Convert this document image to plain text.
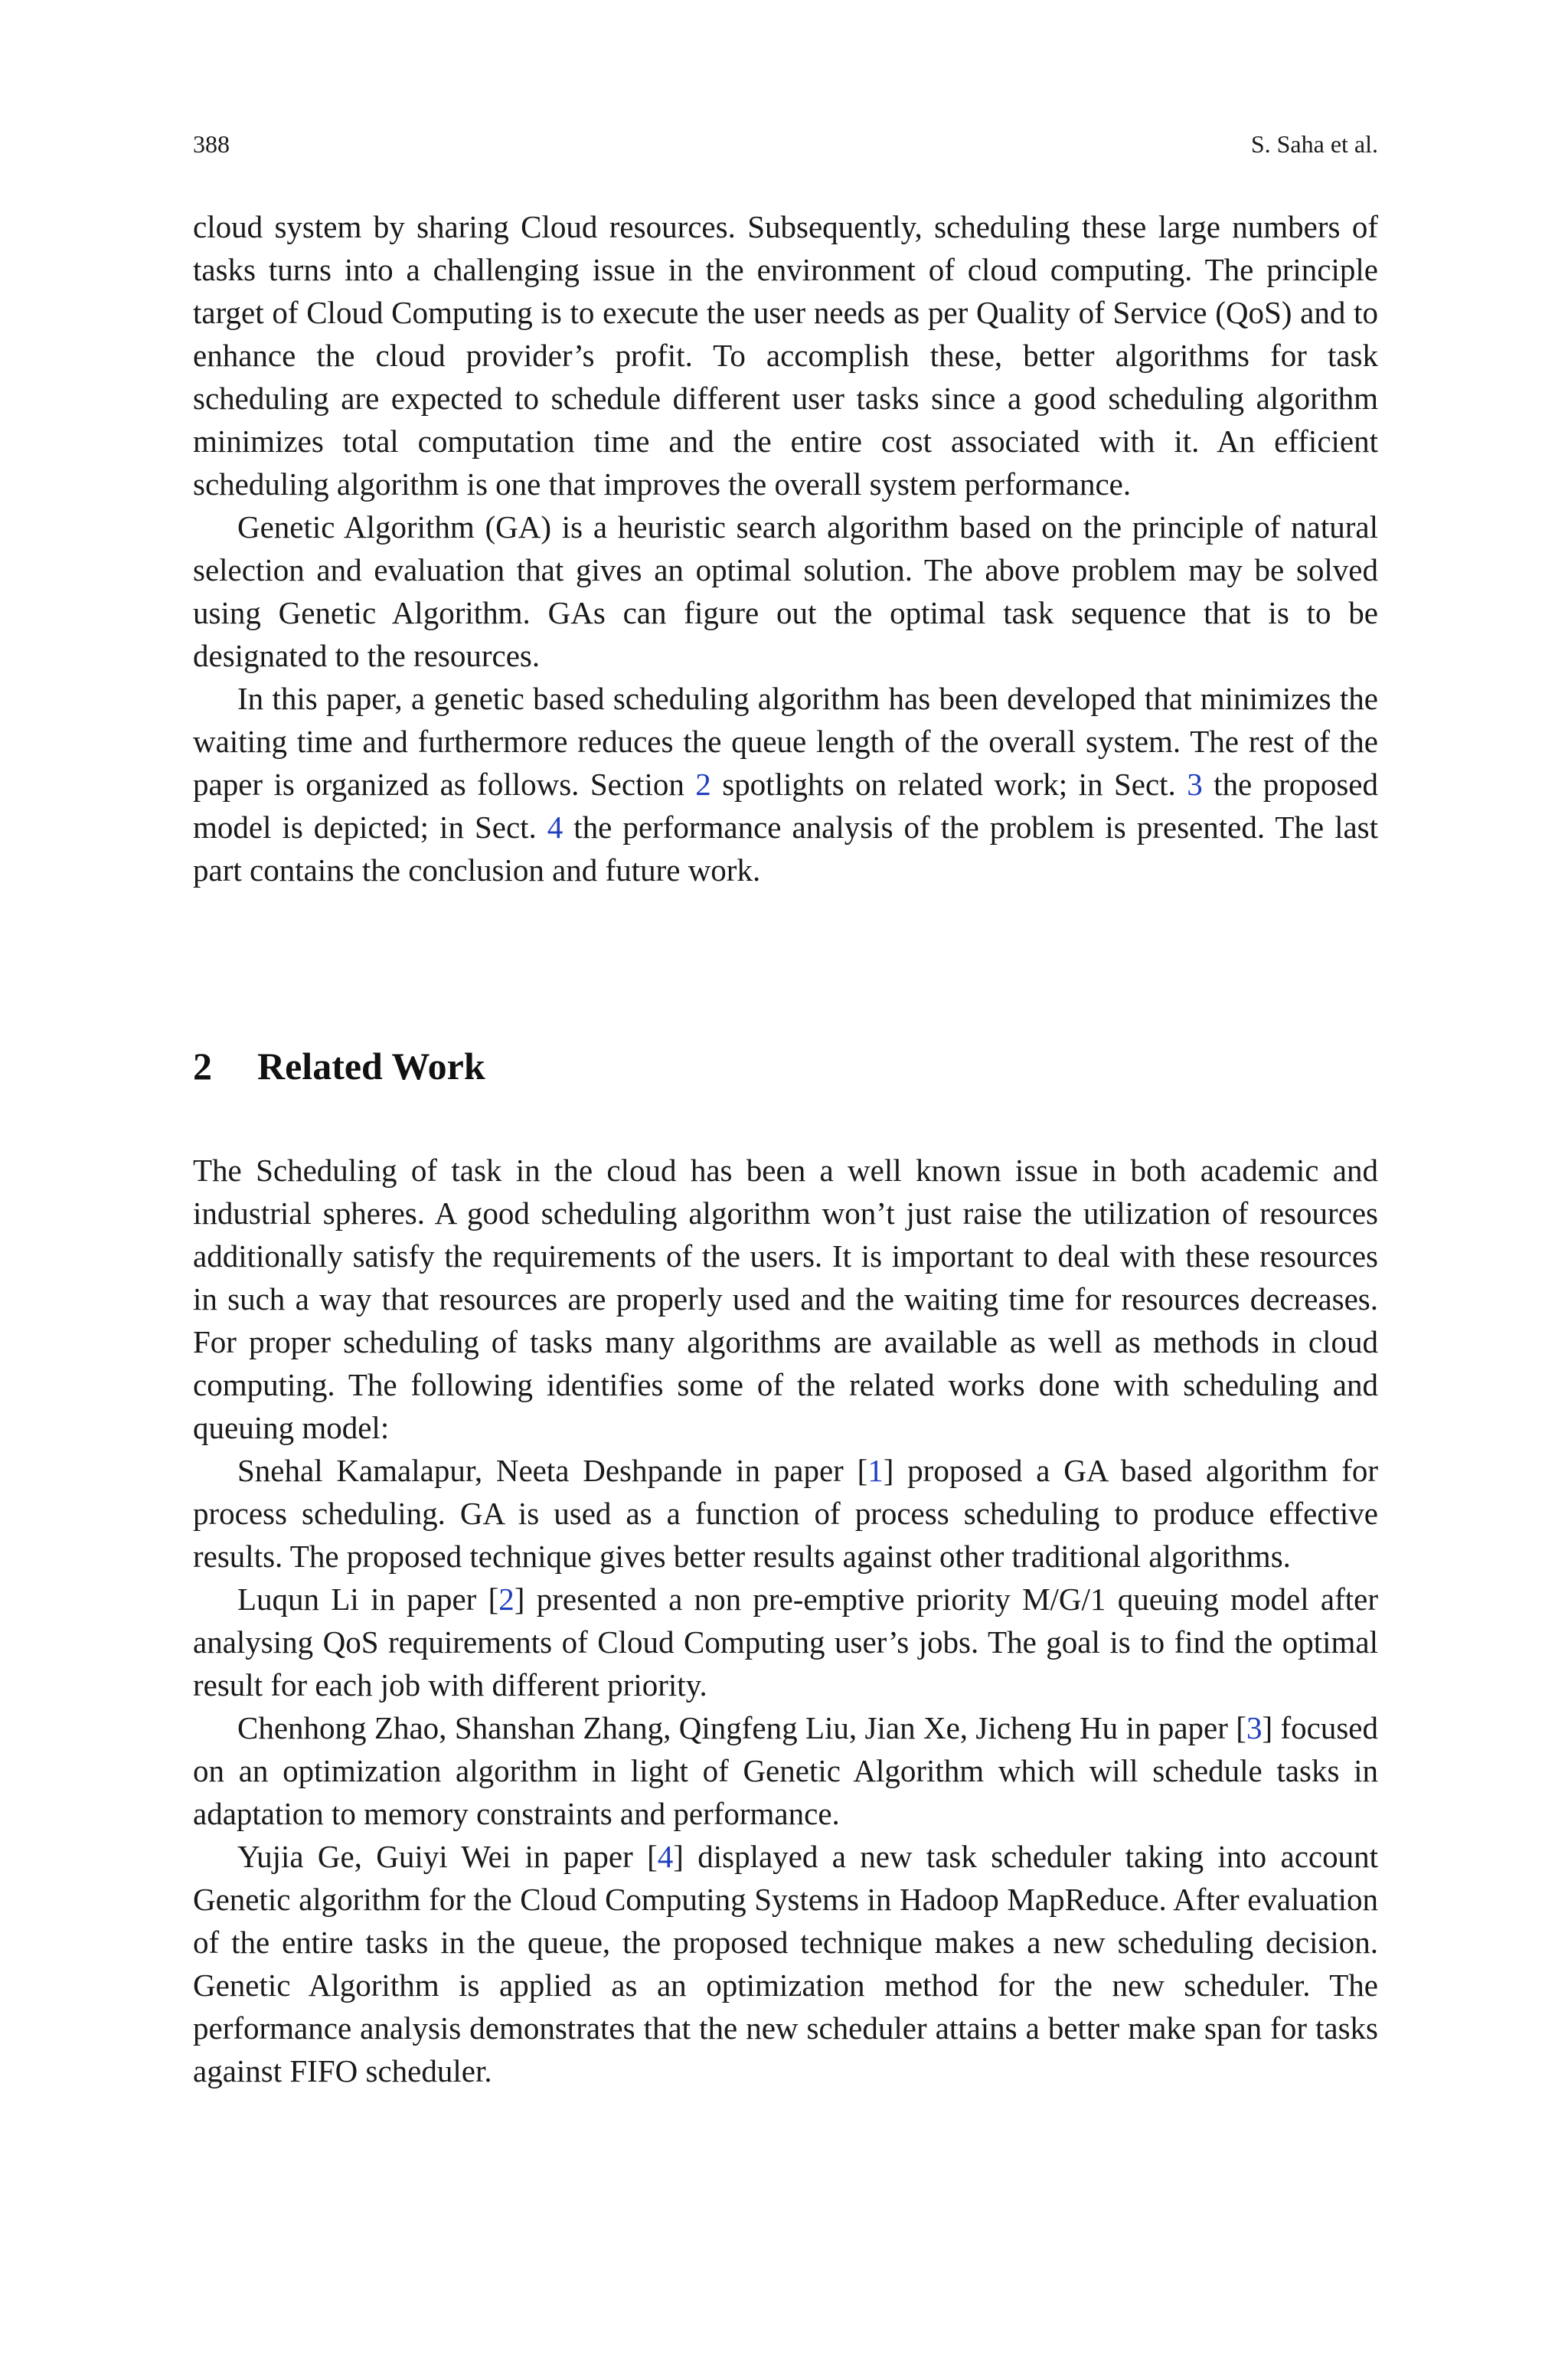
388	S. Saha et al.

cloud system by sharing Cloud resources. Subsequently, scheduling these large numbers of tasks turns into a challenging issue in the environment of cloud computing. The principle target of Cloud Computing is to execute the user needs as per Quality of Service (QoS) and to enhance the cloud provider’s profit. To accomplish these, better algorithms for task scheduling are expected to schedule different user tasks since a good scheduling algorithm minimizes total computation time and the entire cost associated with it. An efficient scheduling algorithm is one that improves the overall system performance.

Genetic Algorithm (GA) is a heuristic search algorithm based on the principle of natural selection and evaluation that gives an optimal solution. The above problem may be solved using Genetic Algorithm. GAs can figure out the optimal task sequence that is to be designated to the resources.

In this paper, a genetic based scheduling algorithm has been developed that minimizes the waiting time and furthermore reduces the queue length of the overall system. The rest of the paper is organized as follows. Section 2 spotlights on related work; in Sect. 3 the proposed model is depicted; in Sect. 4 the performance analysis of the problem is presented. The last part contains the conclusion and future work.

2 Related Work

The Scheduling of task in the cloud has been a well known issue in both academic and industrial spheres. A good scheduling algorithm won’t just raise the utilization of resources additionally satisfy the requirements of the users. It is important to deal with these resources in such a way that resources are properly used and the waiting time for resources decreases. For proper scheduling of tasks many algorithms are available as well as methods in cloud computing. The following identifies some of the related works done with scheduling and queuing model:

Snehal Kamalapur, Neeta Deshpande in paper [1] proposed a GA based algorithm for process scheduling. GA is used as a function of process scheduling to produce effective results. The proposed technique gives better results against other traditional algorithms.

Luqun Li in paper [2] presented a non pre-emptive priority M/G/1 queuing model after analysing QoS requirements of Cloud Computing user’s jobs. The goal is to find the optimal result for each job with different priority.

Chenhong Zhao, Shanshan Zhang, Qingfeng Liu, Jian Xe, Jicheng Hu in paper [3] focused on an optimization algorithm in light of Genetic Algorithm which will schedule tasks in adaptation to memory constraints and performance.

Yujia Ge, Guiyi Wei in paper [4] displayed a new task scheduler taking into account Genetic algorithm for the Cloud Computing Systems in Hadoop MapReduce. After evaluation of the entire tasks in the queue, the proposed technique makes a new scheduling decision. Genetic Algorithm is applied as an optimization method for the new scheduler. The performance analysis demonstrates that the new scheduler attains a better make span for tasks against FIFO scheduler.
